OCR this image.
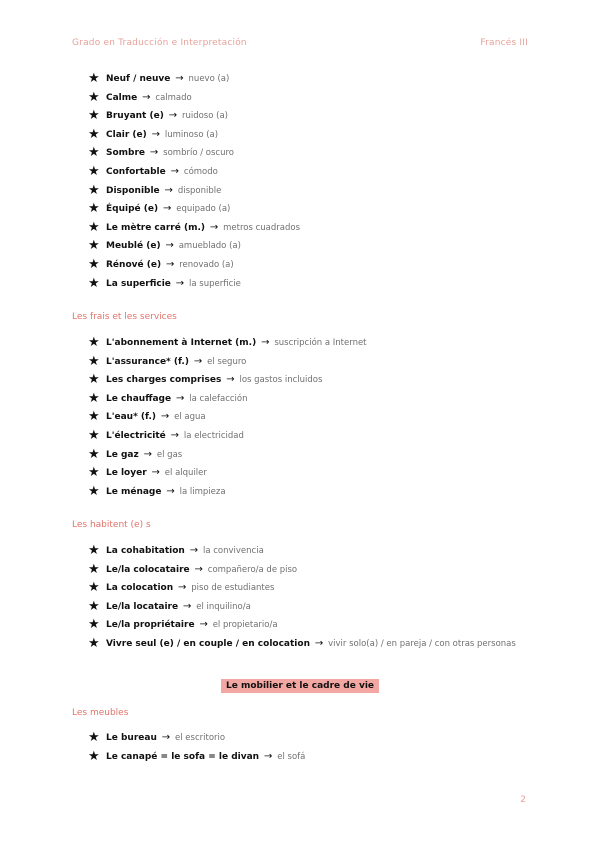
Grado en Traducción e Interpretación	Francés III
★ Neuf / neuve → nuevo (a)
★ Calme → calmado
★ Bruyant (e) → ruidoso (a)
★ Clair (e) → luminoso (a)
★ Sombre → sombrío / oscuro
★ Confortable → cómodo
★ Disponible → disponible
★ Équipé (e) → equipado (a)
★ Le mètre carré (m.) → metros cuadrados
★ Meublé (e) → amueblado (a)
★ Rénové (e) → renovado (a)
★ La superficie → la superficie

Les frais et les services

★ L'abonnement à Internet (m.) → suscripción a Internet
★ L'assurance* (f.) → el seguro
★ Les charges comprises → los gastos incluidos
★ Le chauffage → la calefacción
★ L'eau* (f.) → el agua
★ L'électricité → la electricidad
★ Le gaz → el gas
★ Le loyer → el alquiler
★ Le ménage → la limpieza

Les habitent (e) s

★ La cohabitation → la convivencia
★ Le/la colocataire → compañero/a de piso
★ La colocation → piso de estudiantes
★ Le/la locataire → el inquilino/a
★ Le/la propriétaire → el propietario/a
★ Vivre seul (e) / en couple / en colocation → vivir solo(a) / en pareja / con otras personas
Le mobilier et le cadre de vie

Les meubles

★ Le bureau → el escritorio
★ Le canapé = le sofa = le divan → el sofá
2
